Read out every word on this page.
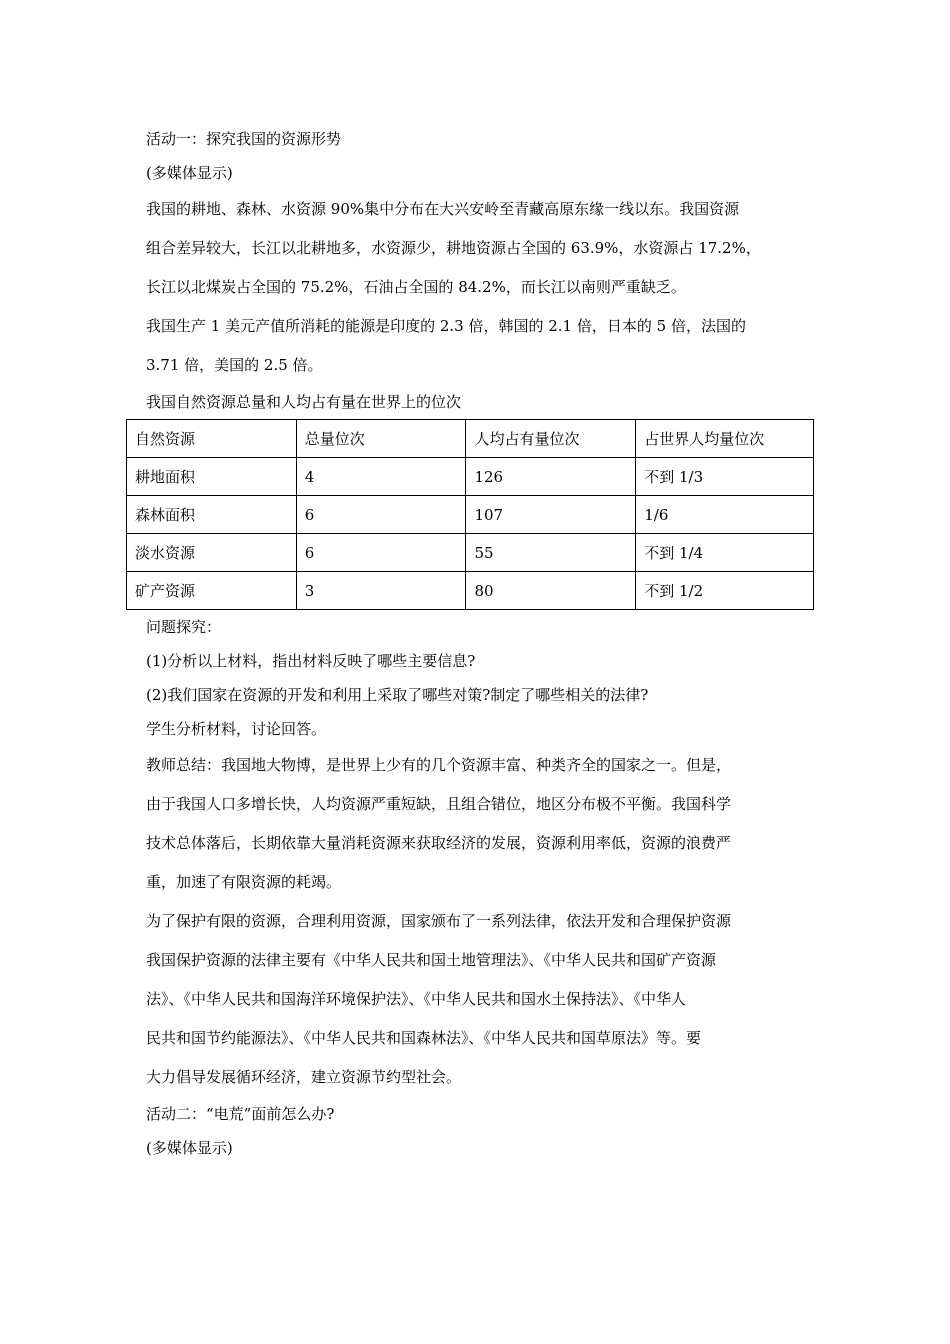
活动一：探究我国的资源形势

(多媒体显示)

我国的耕地、森林、水资源 90%集中分布在大兴安岭至青藏高原东缘一线以东。我国资源

组合差异较大，长江以北耕地多，水资源少，耕地资源占全国的 63.9%，水资源占 17.2%，

长江以北煤炭占全国的 75.2%，石油占全国的 84.2%，而长江以南则严重缺乏。

我国生产 1 美元产值所消耗的能源是印度的 2.3 倍，韩国的 2.1 倍，日本的 5 倍，法国的

3.71 倍，美国的 2.5 倍。

我国自然资源总量和人均占有量在世界上的位次

自然资源	总量位次	人均占有量位次	占世界人均量位次
耕地面积	4	126	不到 1/3
森林面积	6	107	1/6
淡水资源	6	55	不到 1/4
矿产资源	3	80	不到 1/2

问题探究：

(1)分析以上材料，指出材料反映了哪些主要信息?

(2)我们国家在资源的开发和利用上采取了哪些对策?制定了哪些相关的法律?

学生分析材料，讨论回答。

教师总结：我国地大物博，是世界上少有的几个资源丰富、种类齐全的国家之一。但是，

由于我国人口多增长快，人均资源严重短缺，且组合错位，地区分布极不平衡。我国科学

技术总体落后，长期依靠大量消耗资源来获取经济的发展，资源利用率低，资源的浪费严

重，加速了有限资源的耗竭。

为了保护有限的资源，合理利用资源，国家颁布了一系列法律，依法开发和合理保护资源

我国保护资源的法律主要有《中华人民共和国土地管理法》、《中华人民共和国矿产资源

法》、《中华人民共和国海洋环境保护法》、《中华人民共和国水土保持法》、《中华人

民共和国节约能源法》、《中华人民共和国森林法》、《中华人民共和国草原法》等。要

大力倡导发展循环经济，建立资源节约型社会。

活动二：“电荒”面前怎么办?

(多媒体显示)
